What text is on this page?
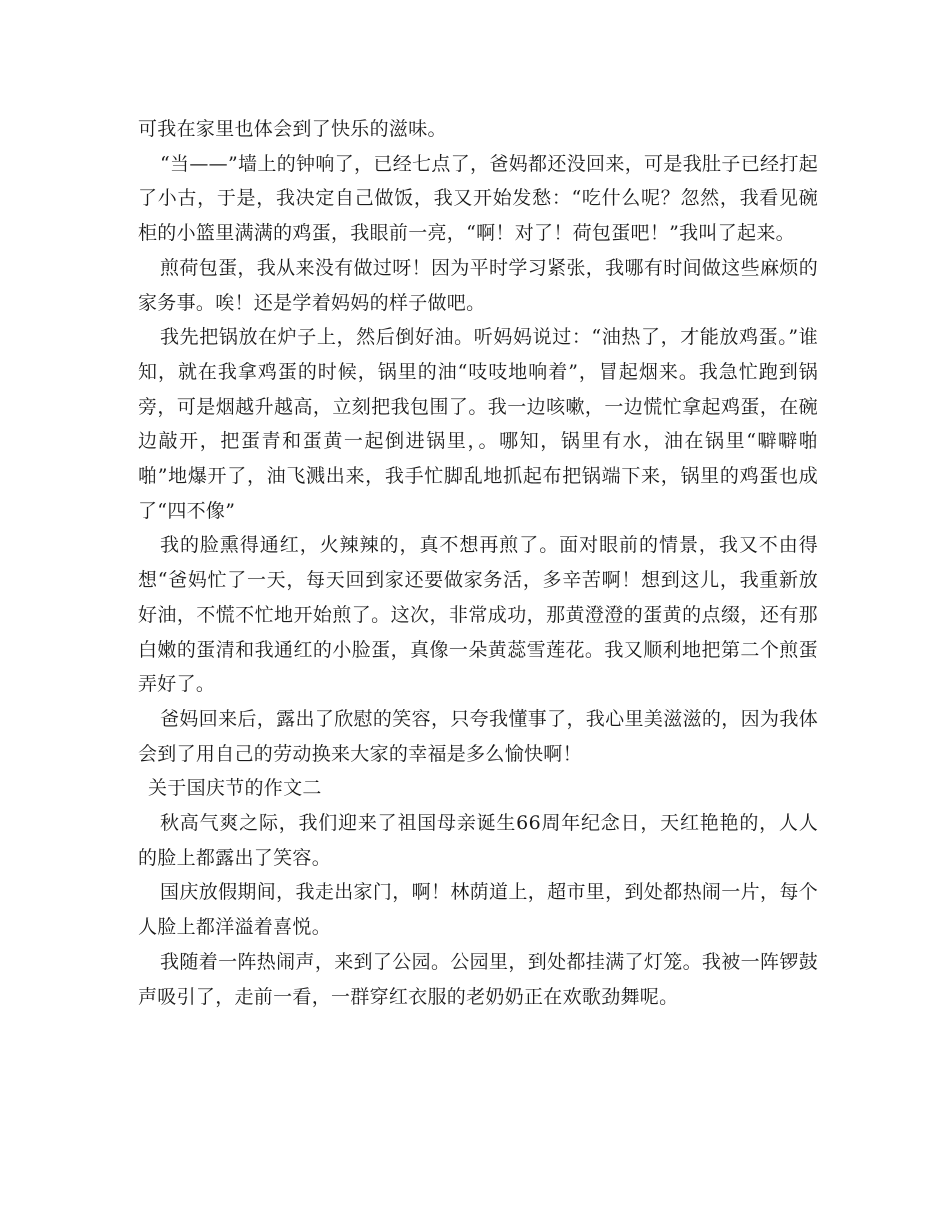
可我在家里也体会到了快乐的滋味。

“当——”墙上的钟响了，已经七点了，爸妈都还没回来，可是我肚子已经打起了小古，于是，我决定自己做饭，我又开始发愁：“吃什么呢？忽然，我看见碗柜的小篮里满满的鸡蛋，我眼前一亮，“啊！对了！荷包蛋吧！”我叫了起来。

煎荷包蛋，我从来没有做过呀！因为平时学习紧张，我哪有时间做这些麻烦的家务事。唉！还是学着妈妈的样子做吧。

我先把锅放在炉子上，然后倒好油。听妈妈说过：“油热了，才能放鸡蛋。”谁知，就在我拿鸡蛋的时候，锅里的油“吱吱地响着”，冒起烟来。我急忙跑到锅旁，可是烟越升越高，立刻把我包围了。我一边咳嗽，一边慌忙拿起鸡蛋，在碗边敲开，把蛋青和蛋黄一起倒进锅里，。哪知，锅里有水，油在锅里“噼噼啪啪”地爆开了，油飞溅出来，我手忙脚乱地抓起布把锅端下来，锅里的鸡蛋也成了“四不像”

我的脸熏得通红，火辣辣的，真不想再煎了。面对眼前的情景，我又不由得想“爸妈忙了一天，每天回到家还要做家务活，多辛苦啊！想到这儿，我重新放好油，不慌不忙地开始煎了。这次，非常成功，那黄澄澄的蛋黄的点缀，还有那白嫩的蛋清和我通红的小脸蛋，真像一朵黄蕊雪莲花。我又顺利地把第二个煎蛋弄好了。

爸妈回来后，露出了欣慰的笑容，只夸我懂事了，我心里美滋滋的，因为我体会到了用自己的劳动换来大家的幸福是多么愉快啊！

关于国庆节的作文二

秋高气爽之际，我们迎来了祖国母亲诞生66周年纪念日，天红艳艳的，人人的脸上都露出了笑容。

国庆放假期间，我走出家门，啊！林荫道上，超市里，到处都热闹一片，每个人脸上都洋溢着喜悦。

我随着一阵热闹声，来到了公园。公园里，到处都挂满了灯笼。我被一阵锣鼓声吸引了，走前一看，一群穿红衣服的老奶奶正在欢歌劲舞呢。
